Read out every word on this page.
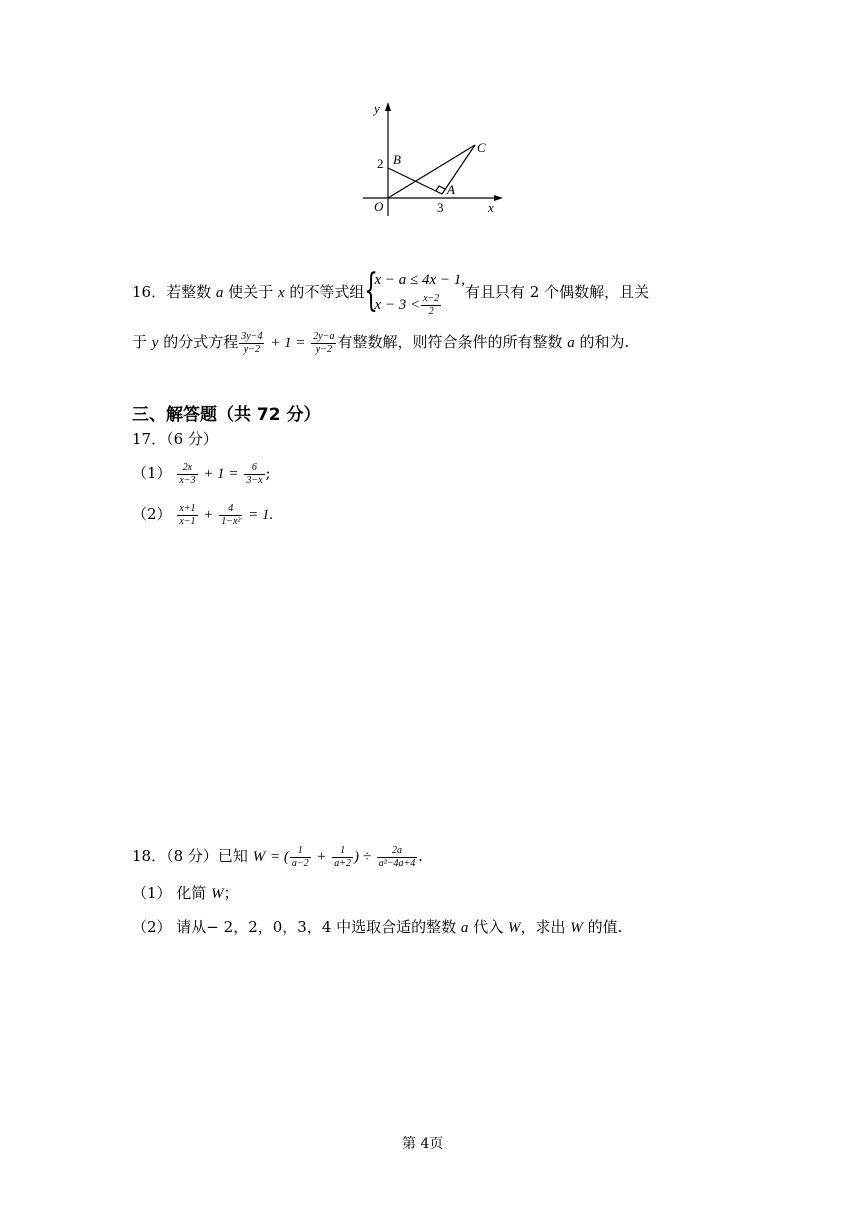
y
2 B
C
O	3
A
x
16．若整数 a 使关于 x 的不等式组 {
x − a ≤ 4x − 1,
$x - 3 < \frac{x-2}{2}$
有且只有 2 个偶数解，且关
于 y 的分式方程 $\frac{3y-4}{y-2} + 1 = \frac{2y-a}{y-2}$ 有整数解，则符合条件的所有整数 a 的和为.
三、解答题（共 72 分）
17．（6 分）
$(1) \frac{2x}{x-3} + 1 = \frac{6}{3-x}$ ;
$(2) \frac{x+1}{x-1} + \frac{4}{\text{1−x²}} = 1$.
18．（8 分）已知 W = ( $\frac{1}{a-2} + \frac{1}{a+2}$ ) ÷ $\frac{2a}{\text{a²−4a+4}}$ .
（1） 化简 W；
（2） 请从− 2，2，0，3，4 中选取合适的整数 a 代入 W，求出 W 的值.
第 4页
